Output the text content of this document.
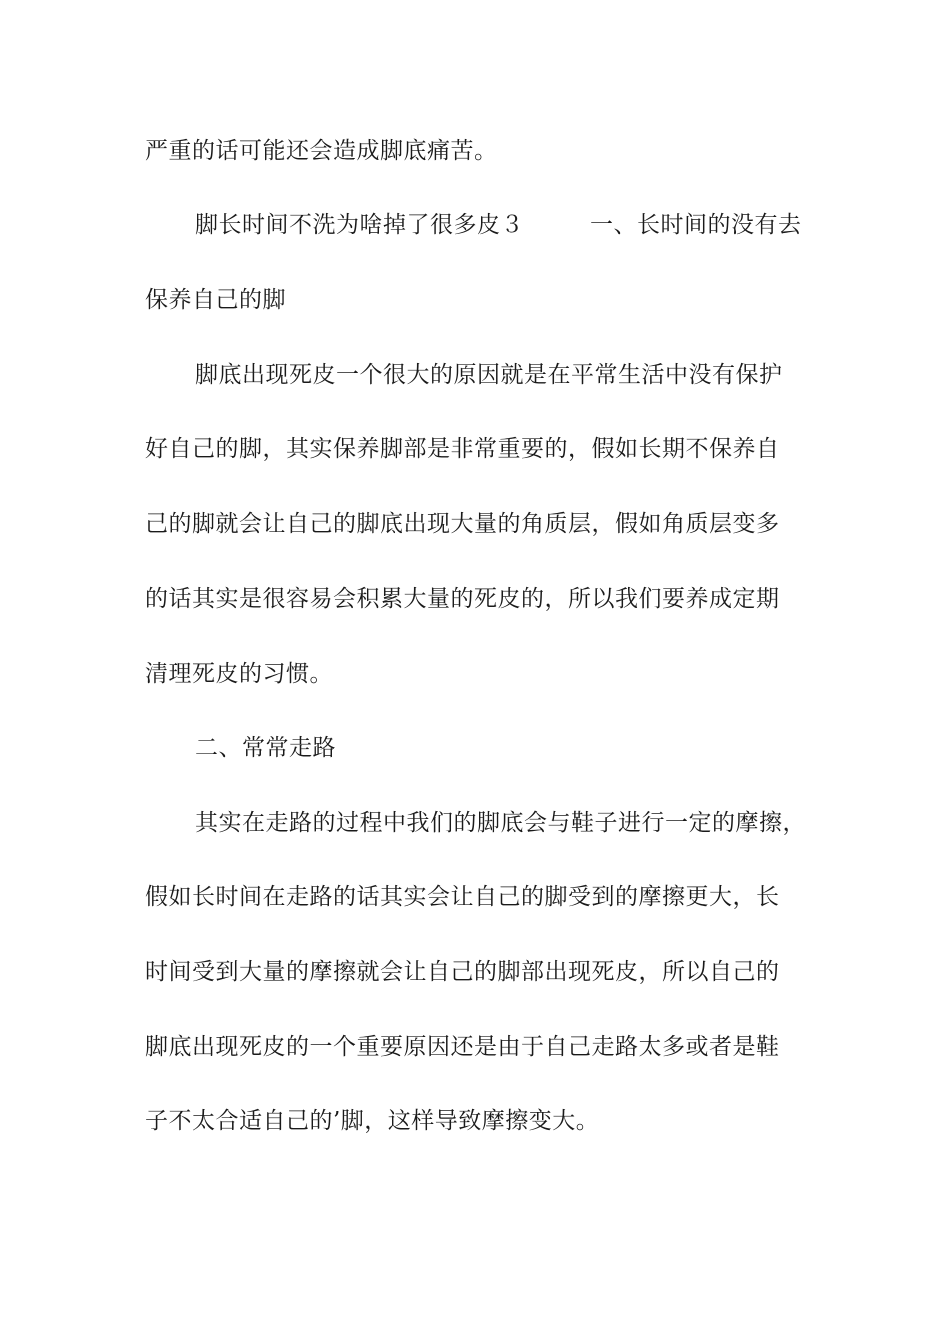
严重的话可能还会造成脚底痛苦。
脚长时间不洗为啥掉了很多皮３	一、长时间的没有去
保养自己的脚
脚底出现死皮一个很大的原因就是在平常生活中没有保护
好自己的脚，其实保养脚部是非常重要的，假如长期不保养自
己的脚就会让自己的脚底出现大量的角质层，假如角质层变多
的话其实是很容易会积累大量的死皮的，所以我们要养成定期
清理死皮的习惯。
二、常常走路
其实在走路的过程中我们的脚底会与鞋子进行一定的摩擦，
假如长时间在走路的话其实会让自己的脚受到的摩擦更大，长
时间受到大量的摩擦就会让自己的脚部出现死皮，所以自己的
脚底出现死皮的一个重要原因还是由于自己走路太多或者是鞋
子不太合适自己的’脚，这样导致摩擦变大。
